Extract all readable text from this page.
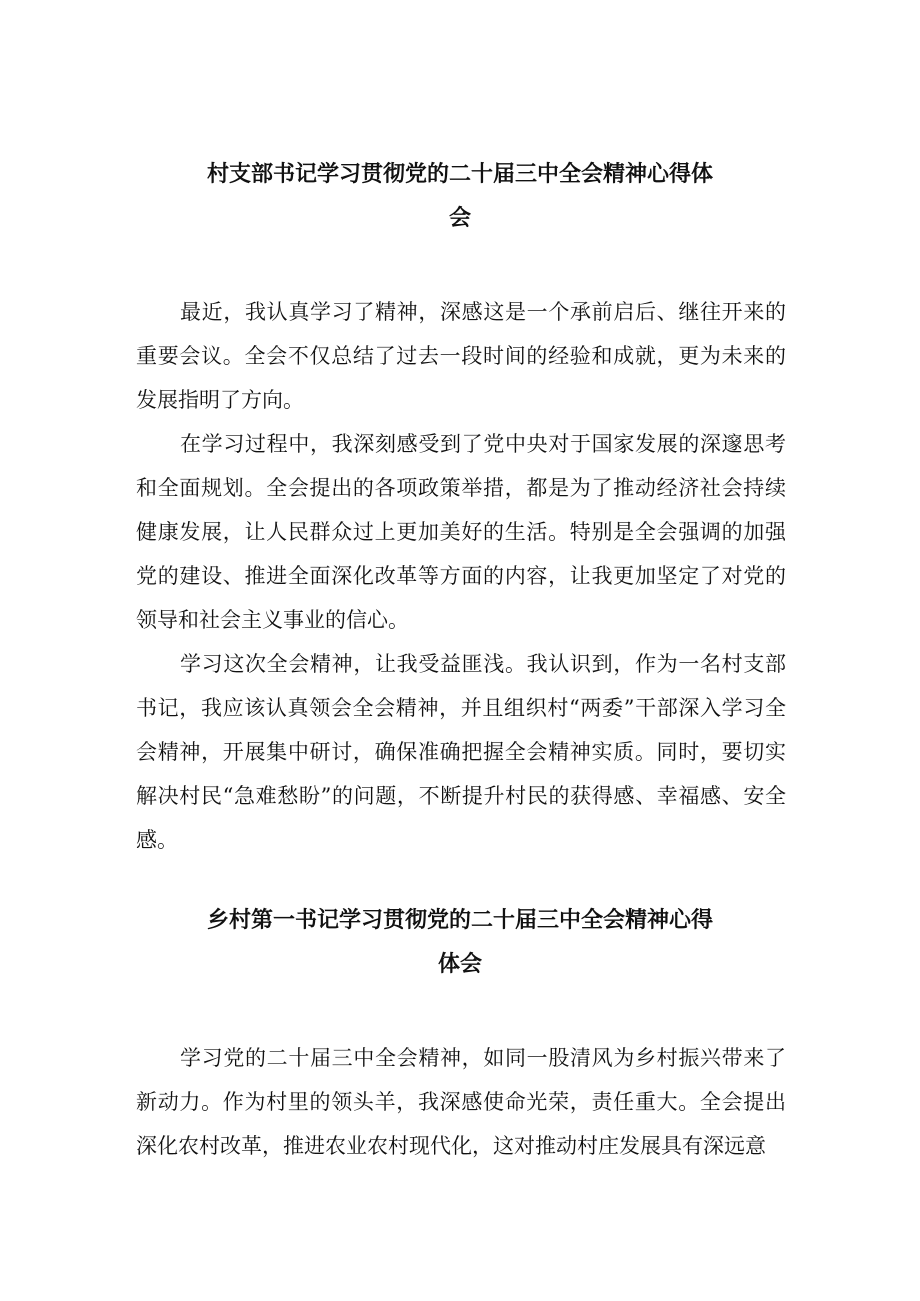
村支部书记学习贯彻党的二十届三中全会精神心得体
会

最近，我认真学习了精神，深感这是一个承前启后、继往开来的重要会议。全会不仅总结了过去一段时间的经验和成就，更为未来的发展指明了方向。

在学习过程中，我深刻感受到了党中央对于国家发展的深邃思考和全面规划。全会提出的各项政策举措，都是为了推动经济社会持续健康发展，让人民群众过上更加美好的生活。特别是全会强调的加强党的建设、推进全面深化改革等方面的内容，让我更加坚定了对党的领导和社会主义事业的信心。

学习这次全会精神，让我受益匪浅。我认识到，作为一名村支部书记，我应该认真领会全会精神，并且组织村“两委”干部深入学习全会精神，开展集中研讨，确保准确把握全会精神实质。同时，要切实解决村民“急难愁盼”的问题，不断提升村民的获得感、幸福感、安全感。

乡村第一书记学习贯彻党的二十届三中全会精神心得
体会

学习党的二十届三中全会精神，如同一股清风为乡村振兴带来了新动力。作为村里的领头羊，我深感使命光荣，责任重大。全会提出深化农村改革，推进农业农村现代化，这对推动村庄发展具有深远意
